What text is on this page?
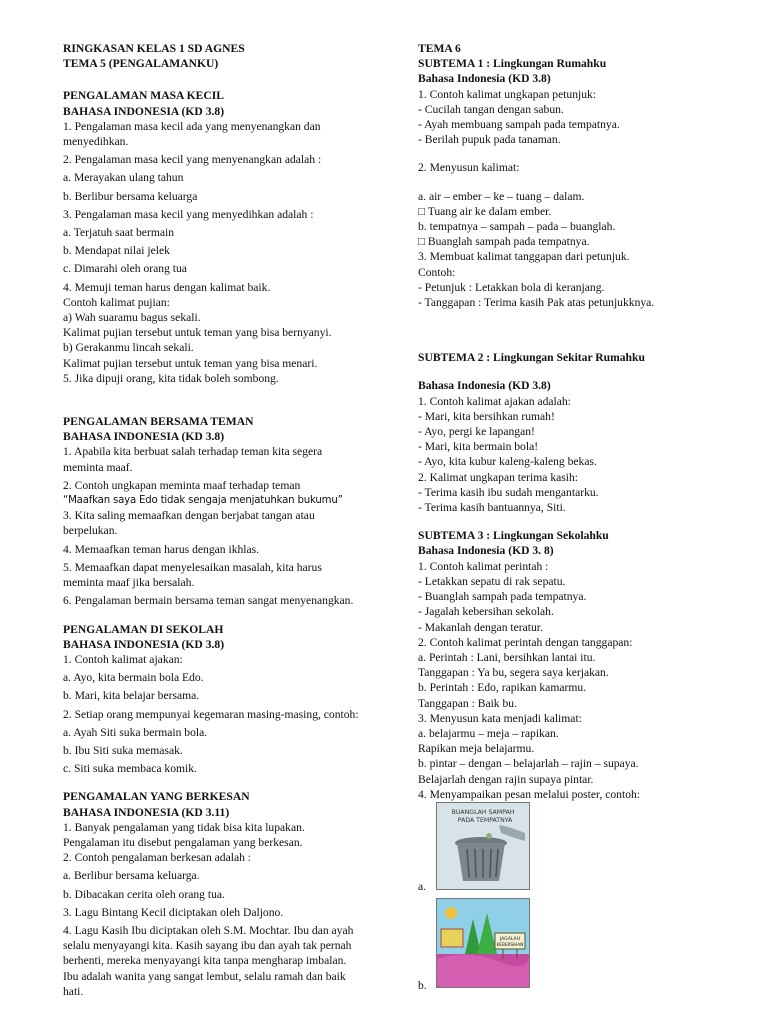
RINGKASAN KELAS 1 SD AGNES

TEMA 5 (PENGALAMANKU)

PENGALAMAN MASA KECIL

BAHASA INDONESIA (KD 3.8)

1. Pengalaman masa kecil ada yang menyenangkan dan menyedihkan.

2. Pengalaman masa kecil yang menyenangkan adalah :

a. Merayakan ulang tahun

b. Berlibur bersama keluarga

3. Pengalaman masa kecil yang menyedihkan adalah :

a. Terjatuh saat bermain

b. Mendapat nilai jelek

c. Dimarahi oleh orang tua

4. Memuji teman harus dengan kalimat baik.

Contoh kalimat pujian:

a) Wah suaramu bagus sekali.

Kalimat pujian tersebut untuk teman yang bisa bernyanyi.

b) Gerakanmu lincah sekali.

Kalimat pujian tersebut untuk teman yang bisa menari.

5. Jika dipuji orang, kita tidak boleh sombong.

PENGALAMAN BERSAMA TEMAN

BAHASA INDONESIA (KD 3.8)

1. Apabila kita berbuat salah terhadap teman kita segera meminta maaf.

2. Contoh ungkapan meminta maaf terhadap teman

“Maafkan saya Edo tidak sengaja menjatuhkan bukumu”

3. Kita saling memaafkan dengan berjabat tangan atau berpelukan.

4. Memaafkan teman harus dengan ikhlas.

5. Memaafkan dapat menyelesaikan masalah, kita harus meminta maaf jika bersalah.

6. Pengalaman bermain bersama teman sangat menyenangkan.

PENGALAMAN DI SEKOLAH

BAHASA INDONESIA (KD 3.8)

1. Contoh kalimat ajakan:

a. Ayo, kita bermain bola Edo.

b. Mari, kita belajar bersama.

2. Setiap orang mempunyai kegemaran masing-masing, contoh:

a. Ayah Siti suka bermain bola.

b. Ibu Siti suka memasak.

c. Siti suka membaca komik.

PENGAMALAN YANG BERKESAN

BAHASA INDONESIA (KD 3.11)

1. Banyak pengalaman yang tidak bisa kita lupakan. Pengalaman itu disebut pengalaman yang berkesan.

2. Contoh pengalaman berkesan adalah :

a. Berlibur bersama keluarga.

b. Dibacakan cerita oleh orang tua.

3. Lagu Bintang Kecil diciptakan oleh Daljono.

4. Lagu Kasih Ibu diciptakan oleh S.M. Mochtar. Ibu dan ayah selalu menyayangi kita. Kasih sayang ibu dan ayah tak pernah berhenti, mereka menyayangi kita tanpa mengharap imbalan. Ibu adalah wanita yang sangat lembut, selalu ramah dan baik hati.

TEMA 6

SUBTEMA 1 : Lingkungan Rumahku

Bahasa Indonesia (KD 3.8)

1. Contoh kalimat ungkapan petunjuk:

- Cucilah tangan dengan sabun.

- Ayah membuang sampah pada tempatnya.

- Berilah pupuk pada tanaman.

2. Menyusun kalimat:

a. air – ember – ke – tuang – dalam.

□ Tuang air ke dalam ember.

b. tempatnya – sampah – pada – buanglah.

□ Buanglah sampah pada tempatnya.

3. Membuat kalimat tanggapan dari petunjuk.

Contoh:

- Petunjuk : Letakkan bola di keranjang.

- Tanggapan : Terima kasih Pak atas petunjukknya.

SUBTEMA 2 : Lingkungan Sekitar Rumahku

Bahasa Indonesia (KD 3.8)

1. Contoh kalimat ajakan adalah:

- Mari, kita bersihkan rumah!

- Ayo, pergi ke lapangan!

- Mari, kita bermain bola!

- Ayo, kita kubur kaleng-kaleng bekas.

2. Kalimat ungkapan terima kasih:

- Terima kasih ibu sudah mengantarku.

- Terima kasih bantuannya, Siti.

SUBTEMA 3 : Lingkungan Sekolahku

Bahasa Indonesia (KD 3. 8)

1. Contoh kalimat perintah :

- Letakkan sepatu di rak sepatu.

- Buanglah sampah pada tempatnya.

- Jagalah kebersihan sekolah.

- Makanlah dengan teratur.

2. Contoh kalimat perintah dengan tanggapan:

a. Perintah : Lani, bersihkan lantai itu.

Tanggapan : Ya bu, segera saya kerjakan.

b. Perintah : Edo, rapikan kamarmu.

Tanggapan : Baik bu.

3. Menyusun kata menjadi kalimat:

a. belajarmu – meja – rapikan.

Rapikan meja belajarmu.

b. pintar – dengan – belajarlah – rajin – supaya.

Belajarlah dengan rajin supaya pintar.

4. Menyampaikan pesan melalui poster, contoh:

a.
BUANGLAH SAMPAH
PADA TEMPATNYA
b.
JAGALAH
KEBERSIHAN
